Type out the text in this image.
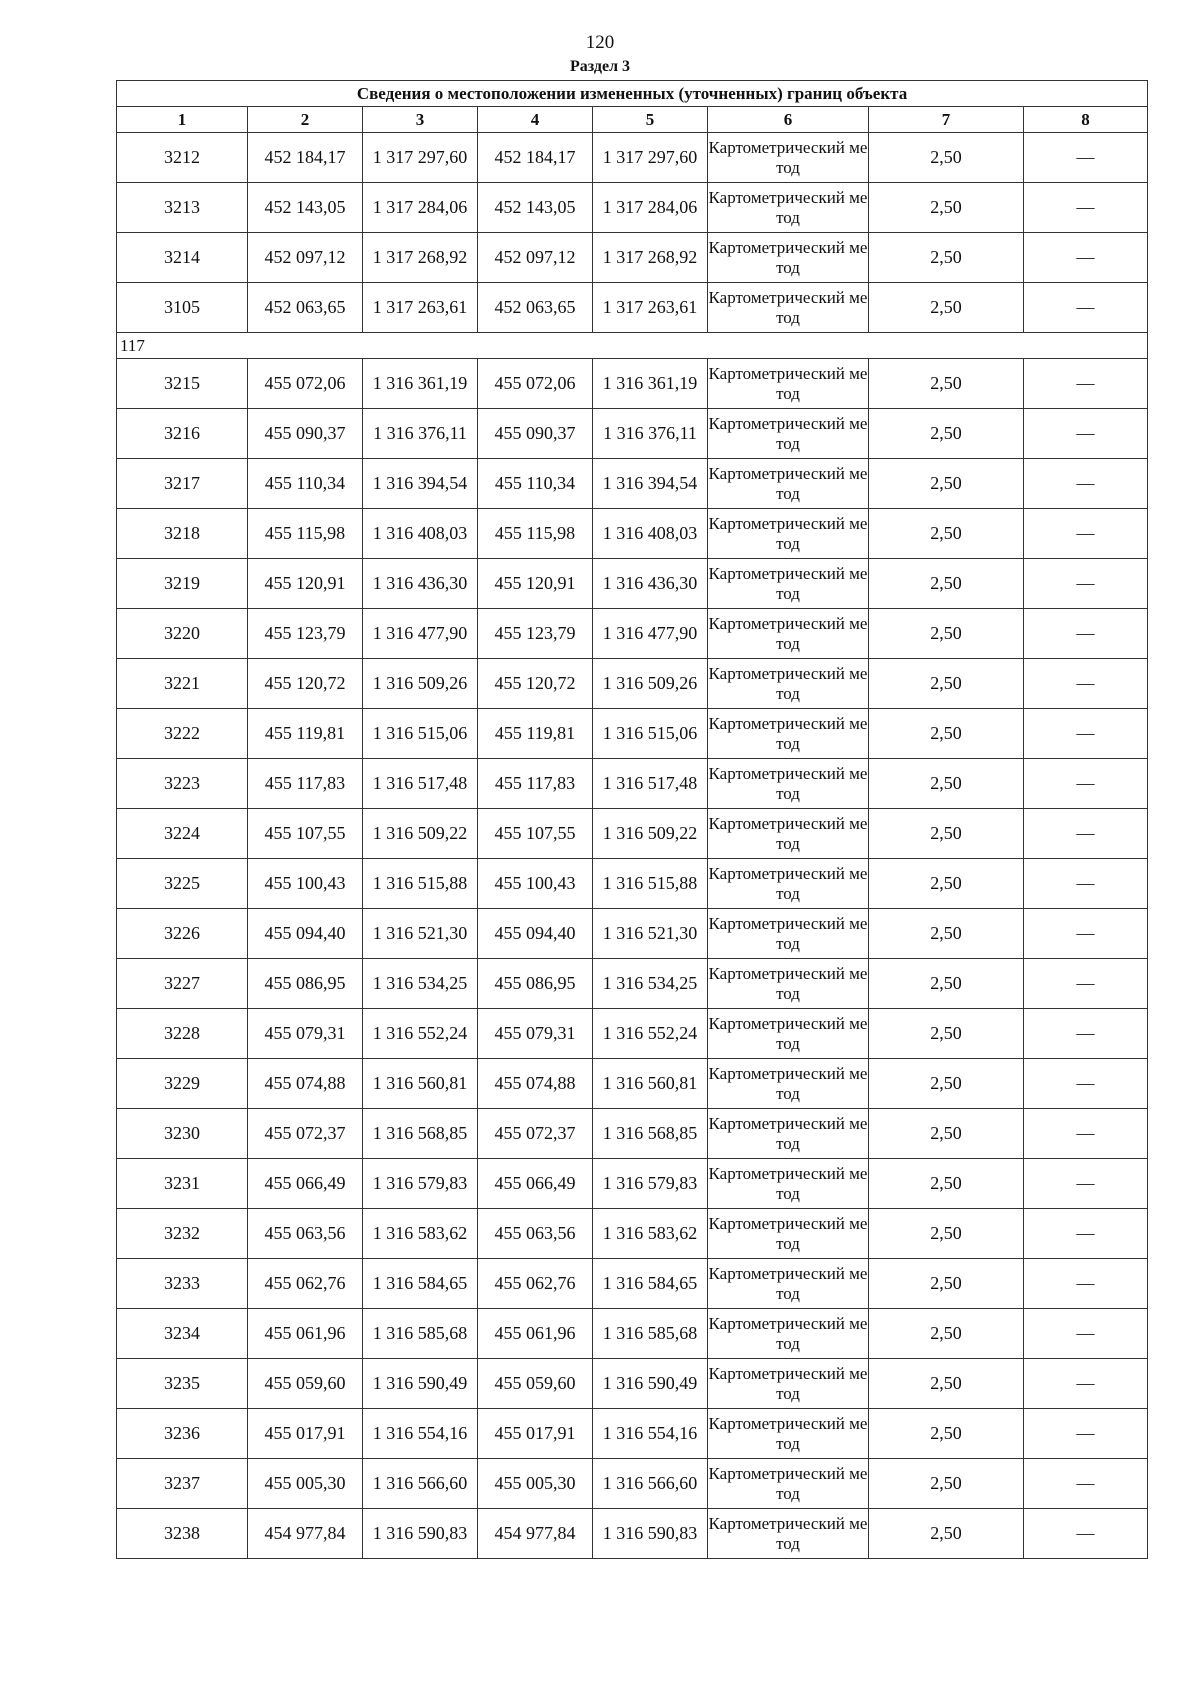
120
Раздел 3
Сведения о местоположении измененных (уточненных) границ объекта							
1	2	3	4	5	6	7	8
3212	452 184,17	1 317 297,60	452 184,17	1 317 297,60	Картометрический метод	2,50	—
3213	452 143,05	1 317 284,06	452 143,05	1 317 284,06	Картометрический метод	2,50	—
3214	452 097,12	1 317 268,92	452 097,12	1 317 268,92	Картометрический метод	2,50	—
3105	452 063,65	1 317 263,61	452 063,65	1 317 263,61	Картометрический метод	2,50	—
117							
3215	455 072,06	1 316 361,19	455 072,06	1 316 361,19	Картометрический метод	2,50	—
3216	455 090,37	1 316 376,11	455 090,37	1 316 376,11	Картометрический метод	2,50	—
3217	455 110,34	1 316 394,54	455 110,34	1 316 394,54	Картометрический метод	2,50	—
3218	455 115,98	1 316 408,03	455 115,98	1 316 408,03	Картометрический метод	2,50	—
3219	455 120,91	1 316 436,30	455 120,91	1 316 436,30	Картометрический метод	2,50	—
3220	455 123,79	1 316 477,90	455 123,79	1 316 477,90	Картометрический метод	2,50	—
3221	455 120,72	1 316 509,26	455 120,72	1 316 509,26	Картометрический метод	2,50	—
3222	455 119,81	1 316 515,06	455 119,81	1 316 515,06	Картометрический метод	2,50	—
3223	455 117,83	1 316 517,48	455 117,83	1 316 517,48	Картометрический метод	2,50	—
3224	455 107,55	1 316 509,22	455 107,55	1 316 509,22	Картометрический метод	2,50	—
3225	455 100,43	1 316 515,88	455 100,43	1 316 515,88	Картометрический метод	2,50	—
3226	455 094,40	1 316 521,30	455 094,40	1 316 521,30	Картометрический метод	2,50	—
3227	455 086,95	1 316 534,25	455 086,95	1 316 534,25	Картометрический метод	2,50	—
3228	455 079,31	1 316 552,24	455 079,31	1 316 552,24	Картометрический метод	2,50	—
3229	455 074,88	1 316 560,81	455 074,88	1 316 560,81	Картометрический метод	2,50	—
3230	455 072,37	1 316 568,85	455 072,37	1 316 568,85	Картометрический метод	2,50	—
3231	455 066,49	1 316 579,83	455 066,49	1 316 579,83	Картометрический метод	2,50	—
3232	455 063,56	1 316 583,62	455 063,56	1 316 583,62	Картометрический метод	2,50	—
3233	455 062,76	1 316 584,65	455 062,76	1 316 584,65	Картометрический метод	2,50	—
3234	455 061,96	1 316 585,68	455 061,96	1 316 585,68	Картометрический метод	2,50	—
3235	455 059,60	1 316 590,49	455 059,60	1 316 590,49	Картометрический метод	2,50	—
3236	455 017,91	1 316 554,16	455 017,91	1 316 554,16	Картометрический метод	2,50	—
3237	455 005,30	1 316 566,60	455 005,30	1 316 566,60	Картометрический метод	2,50	—
3238	454 977,84	1 316 590,83	454 977,84	1 316 590,83	Картометрический метод	2,50	—
